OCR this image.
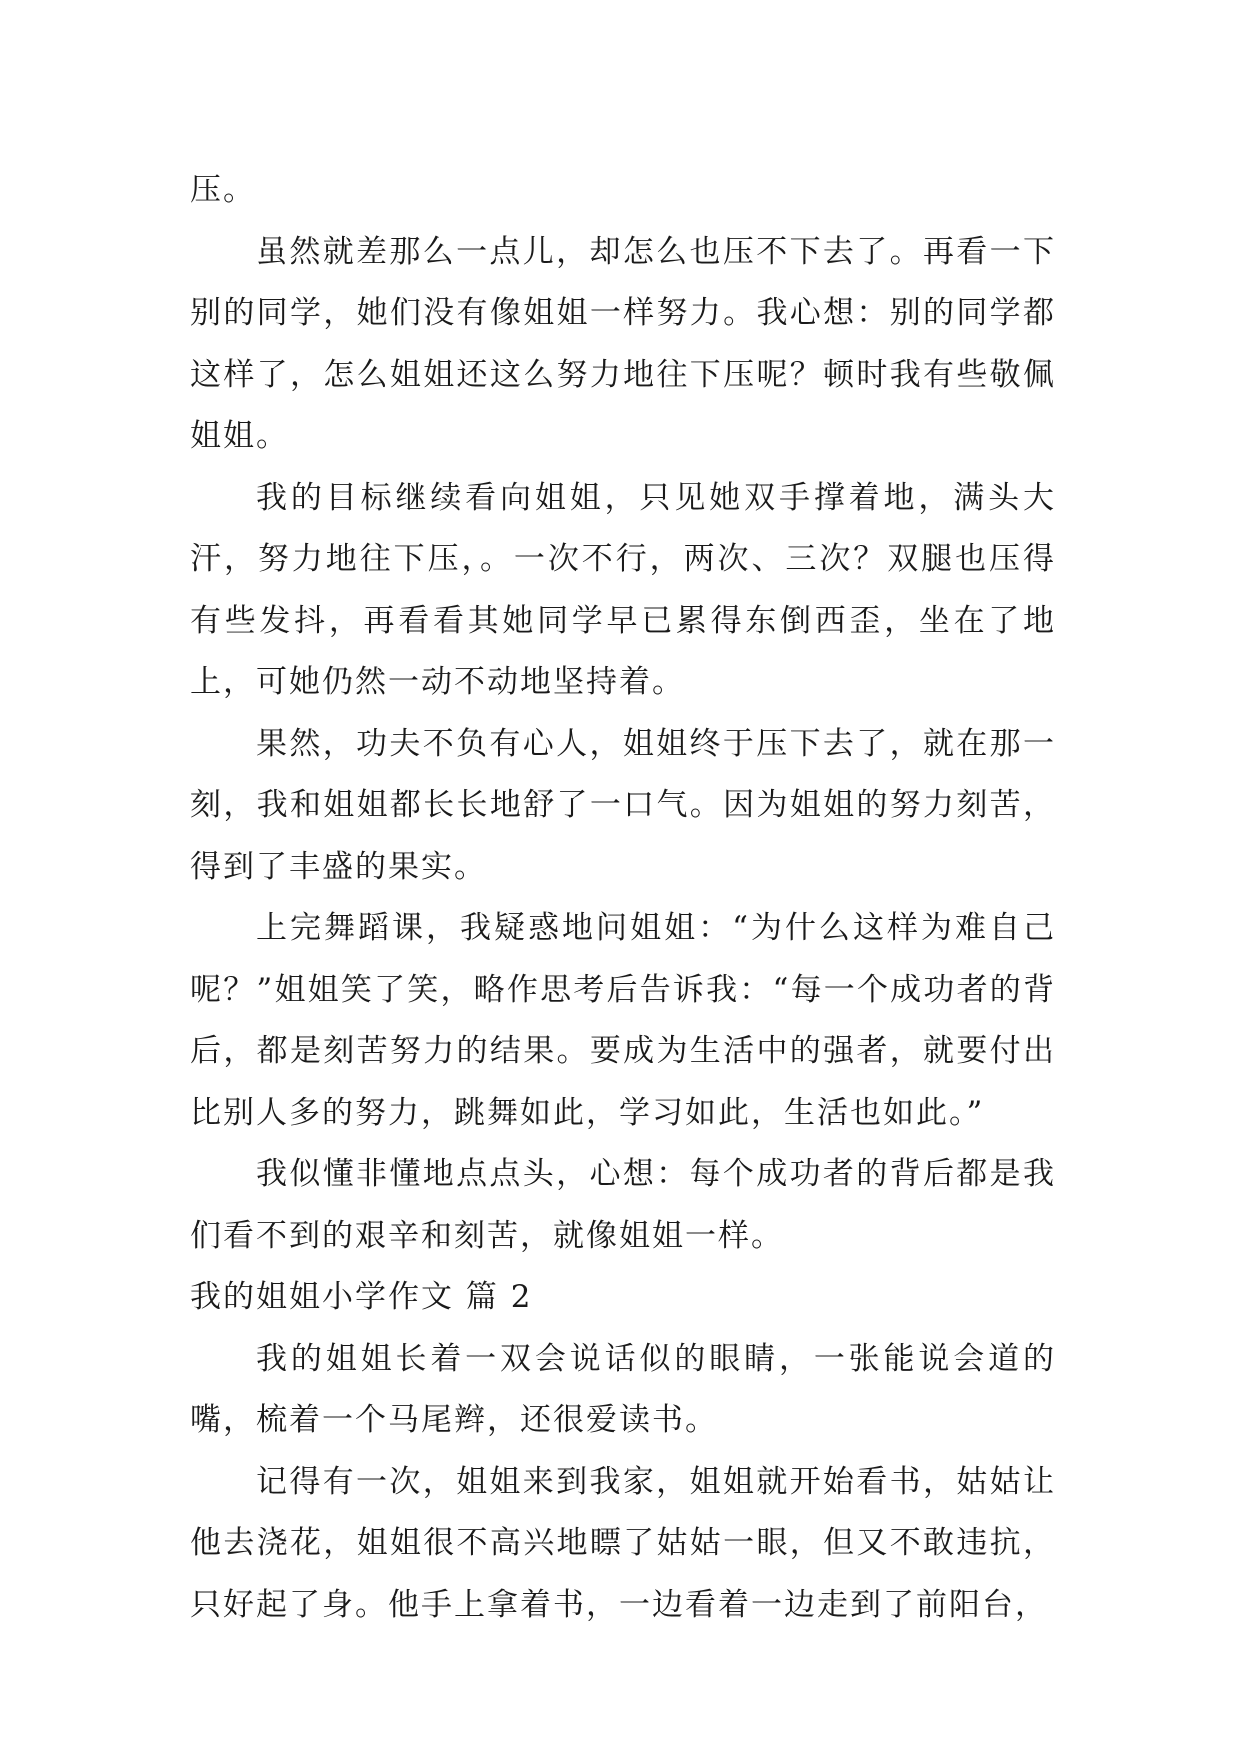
压。

虽然就差那么一点儿，却怎么也压不下去了。再看一下别的同学，她们没有像姐姐一样努力。我心想：别的同学都这样了，怎么姐姐还这么努力地往下压呢？顿时我有些敬佩姐姐。

我的目标继续看向姐姐，只见她双手撑着地，满头大汗，努力地往下压，。一次不行，两次、三次？双腿也压得有些发抖，再看看其她同学早已累得东倒西歪，坐在了地上，可她仍然一动不动地坚持着。

果然，功夫不负有心人，姐姐终于压下去了，就在那一刻，我和姐姐都长长地舒了一口气。因为姐姐的努力刻苦，得到了丰盛的果实。

上完舞蹈课，我疑惑地问姐姐：“为什么这样为难自己呢？”姐姐笑了笑，略作思考后告诉我：“每一个成功者的背后，都是刻苦努力的结果。要成为生活中的强者，就要付出比别人多的努力，跳舞如此，学习如此，生活也如此。”

我似懂非懂地点点头，心想：每个成功者的背后都是我们看不到的艰辛和刻苦，就像姐姐一样。

我的姐姐小学作文 篇 2

我的姐姐长着一双会说话似的眼睛，一张能说会道的嘴，梳着一个马尾辫，还很爱读书。

记得有一次，姐姐来到我家，姐姐就开始看书，姑姑让他去浇花，姐姐很不高兴地瞟了姑姑一眼，但又不敢违抗，只好起了身。他手上拿着书，一边看着一边走到了前阳台，
